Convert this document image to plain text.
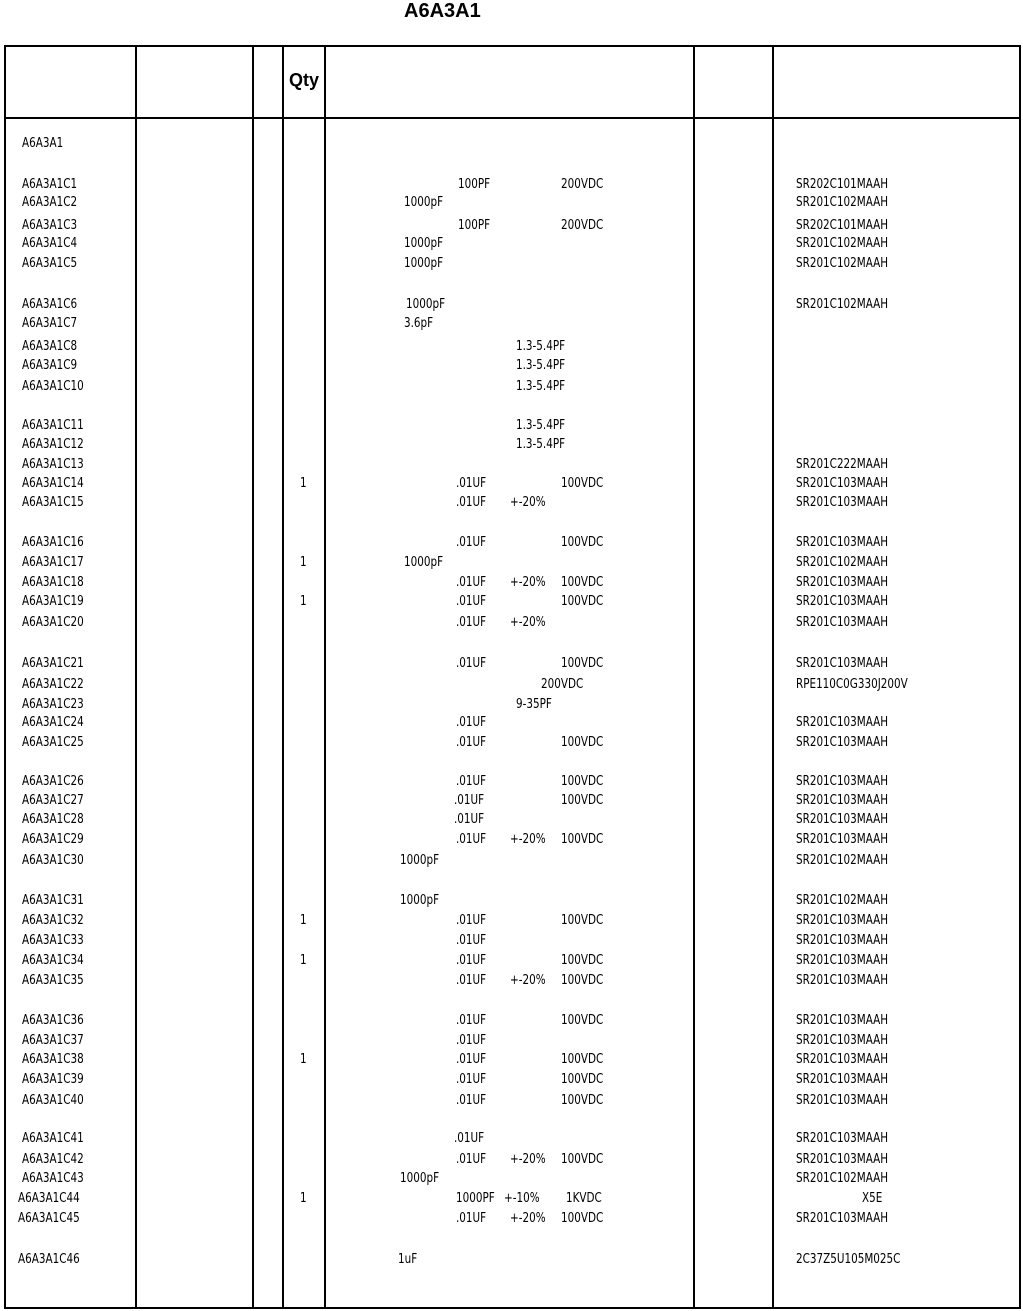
A6A3A1
Qty
A6A3A1
A6A3A1C1	100PF	200VDC	SR202C101MAAH
A6A3A1C2	1000pF	SR201C102MAAH
A6A3A1C3	100PF	200VDC	SR202C101MAAH
A6A3A1C4	1000pF	SR201C102MAAH
A6A3A1C5	1000pF	SR201C102MAAH
A6A3A1C6	1000pF	SR201C102MAAH
A6A3A1C7	3.6pF
A6A3A1C8	1.3-5.4PF
A6A3A1C9	1.3-5.4PF
A6A3A1C10	1.3-5.4PF
A6A3A1C11	1.3-5.4PF
A6A3A1C12	1.3-5.4PF
A6A3A1C13	SR201C222MAAH
A6A3A1C14	1	.01UF	100VDC	SR201C103MAAH
A6A3A1C15	.01UF +-20%	SR201C103MAAH
A6A3A1C16	.01UF	100VDC	SR201C103MAAH
A6A3A1C17	1	1000pF	SR201C102MAAH
A6A3A1C18	.01UF +-20% 100VDC	SR201C103MAAH
A6A3A1C19	1	.01UF	100VDC	SR201C103MAAH
A6A3A1C20	.01UF +-20%	SR201C103MAAH
A6A3A1C21	.01UF	100VDC	SR201C103MAAH
A6A3A1C22	200VDC	RPE110C0G330J200V
A6A3A1C23	9-35PF
A6A3A1C24	.01UF	SR201C103MAAH
A6A3A1C25	.01UF	100VDC	SR201C103MAAH
A6A3A1C26	.01UF	100VDC	SR201C103MAAH
A6A3A1C27	.01UF	100VDC	SR201C103MAAH
A6A3A1C28	.01UF	SR201C103MAAH
A6A3A1C29	.01UF +-20% 100VDC	SR201C103MAAH
A6A3A1C30	1000pF	SR201C102MAAH
A6A3A1C31	1000pF	SR201C102MAAH
A6A3A1C32	1	.01UF	100VDC	SR201C103MAAH
A6A3A1C33	.01UF	SR201C103MAAH
A6A3A1C34	1	.01UF	100VDC	SR201C103MAAH
A6A3A1C35	.01UF +-20% 100VDC	SR201C103MAAH
A6A3A1C36	.01UF	100VDC	SR201C103MAAH
A6A3A1C37	.01UF	SR201C103MAAH
A6A3A1C38	1	.01UF	100VDC	SR201C103MAAH
A6A3A1C39	.01UF	100VDC	SR201C103MAAH
A6A3A1C40	.01UF	100VDC	SR201C103MAAH
A6A3A1C41	.01UF	SR201C103MAAH
A6A3A1C42	.01UF +-20% 100VDC	SR201C103MAAH
A6A3A1C43	1000pF	SR201C102MAAH
A6A3A1C44	1	1000PF +-10% 1KVDC	X5E
A6A3A1C45	.01UF +-20% 100VDC	SR201C103MAAH
A6A3A1C46	1uF	2C37Z5U105M025C
